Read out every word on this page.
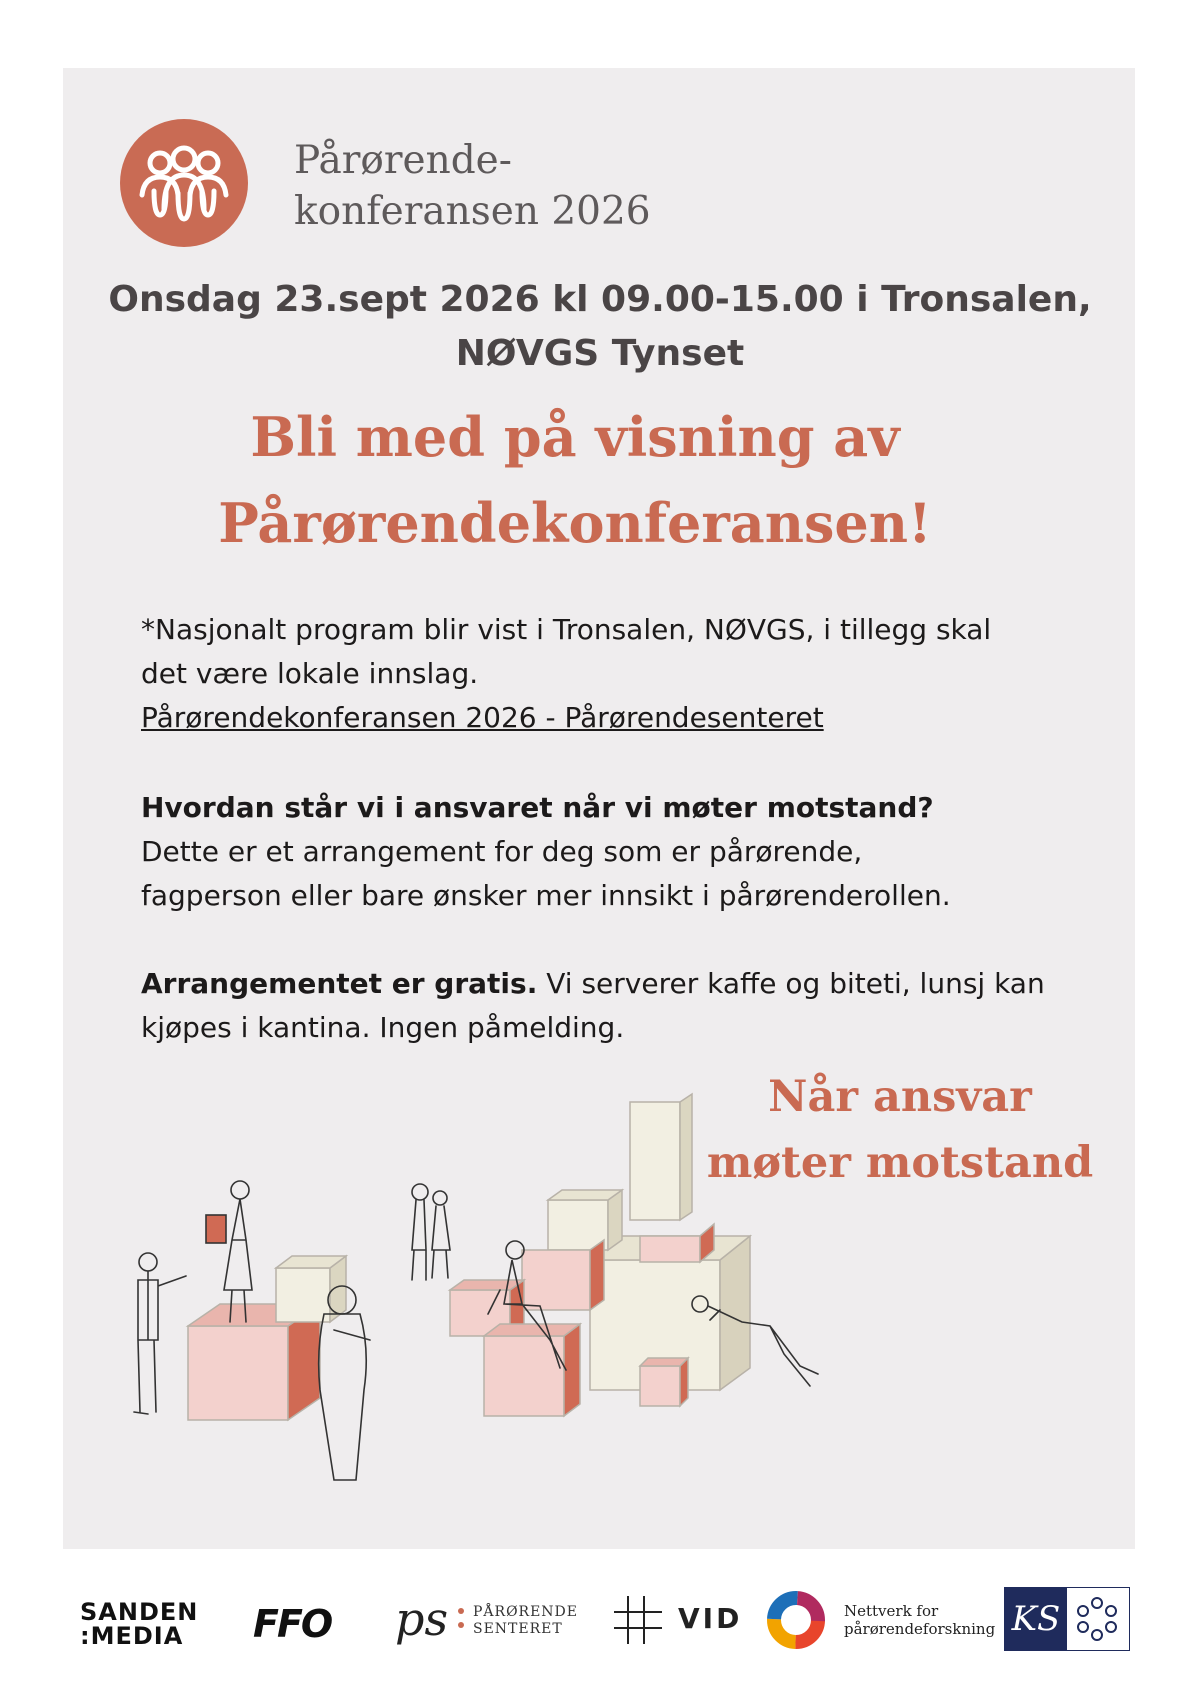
Pårørende-
konferansen 2026
Onsdag 23.sept 2026 kl 09.00-15.00 i Tronsalen,
NØVGS Tynset
Bli med på visning av
Pårørendekonferansen!
*Nasjonalt program blir vist i Tronsalen, NØVGS, i tillegg skal
det være lokale innslag.
Pårørendekonferansen 2026 - Pårørendesenteret
Hvordan står vi i ansvaret når vi møter motstand?
Dette er et arrangement for deg som er pårørende,
fagperson eller bare ønsker mer innsikt i pårørenderollen.
Arrangementet er gratis. Vi serverer kaffe og biteti, lunsj kan
kjøpes i kantina. Ingen påmelding.
Når ansvar
møter motstand
SANDEN
:MEDIA	FFO ps PÅRØRENDE
SENTERET	VID	Nettverk for
pårørendeforskning KS
